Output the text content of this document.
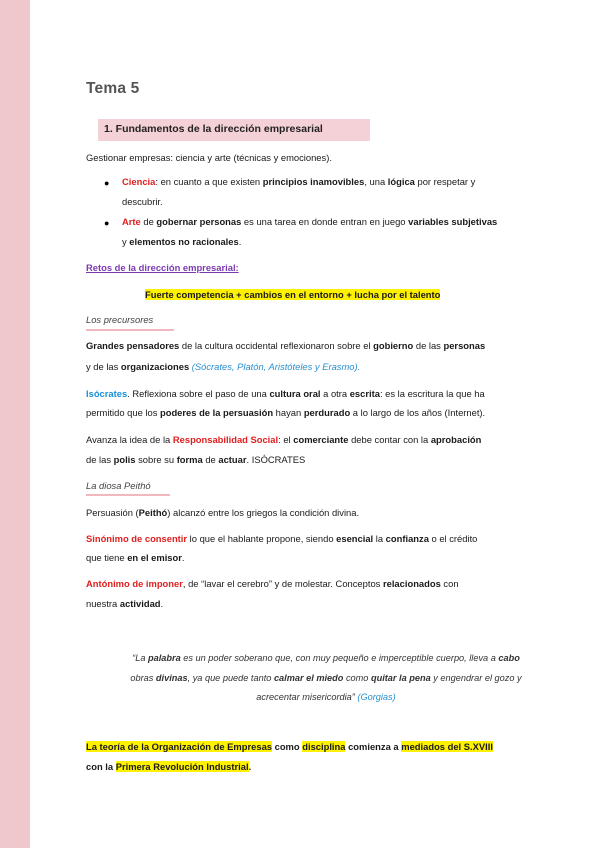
Tema 5
1. Fundamentos de la dirección empresarial
Gestionar empresas: ciencia y arte (técnicas y emociones).
● Ciencia: en cuanto a que existen principios inamovibles, una lógica por respetar y
descubrir.
● Arte de gobernar personas es una tarea en donde entran en juego variables subjetivas
y elementos no racionales.
Retos de la dirección empresarial:
Fuerte competencia + cambios en el entorno + lucha por el talento
Los precursores
Grandes pensadores de la cultura occidental reflexionaron sobre el gobierno de las personas
y de las organizaciones (Sócrates, Platón, Aristóteles y Erasmo).
Isócrates. Reflexiona sobre el paso de una cultura oral a otra escrita: es la escritura la que ha
permitido que los poderes de la persuasión hayan perdurado a lo largo de los años (Internet).
Avanza la idea de la Responsabilidad Social: el comerciante debe contar con la aprobación
de las polis sobre su forma de actuar. ISÓCRATES
La diosa Peithó
Persuasión (Peithó) alcanzó entre los griegos la condición divina.
Sinónimo de consentir lo que el hablante propone, siendo esencial la confianza o el crédito
que tiene en el emisor.
Antónimo de imponer, de “lavar el cerebro” y de molestar. Conceptos relacionados con
nuestra actividad.
“La palabra es un poder soberano que, con muy pequeño e imperceptible cuerpo, lleva a cabo
obras divinas, ya que puede tanto calmar el miedo como quitar la pena y engendrar el gozo y
acrecentar misericordia” (Gorgias)
La teoría de la Organización de Empresas como disciplina comienza a mediados del S.XVIII
con la Primera Revolución Industrial.
